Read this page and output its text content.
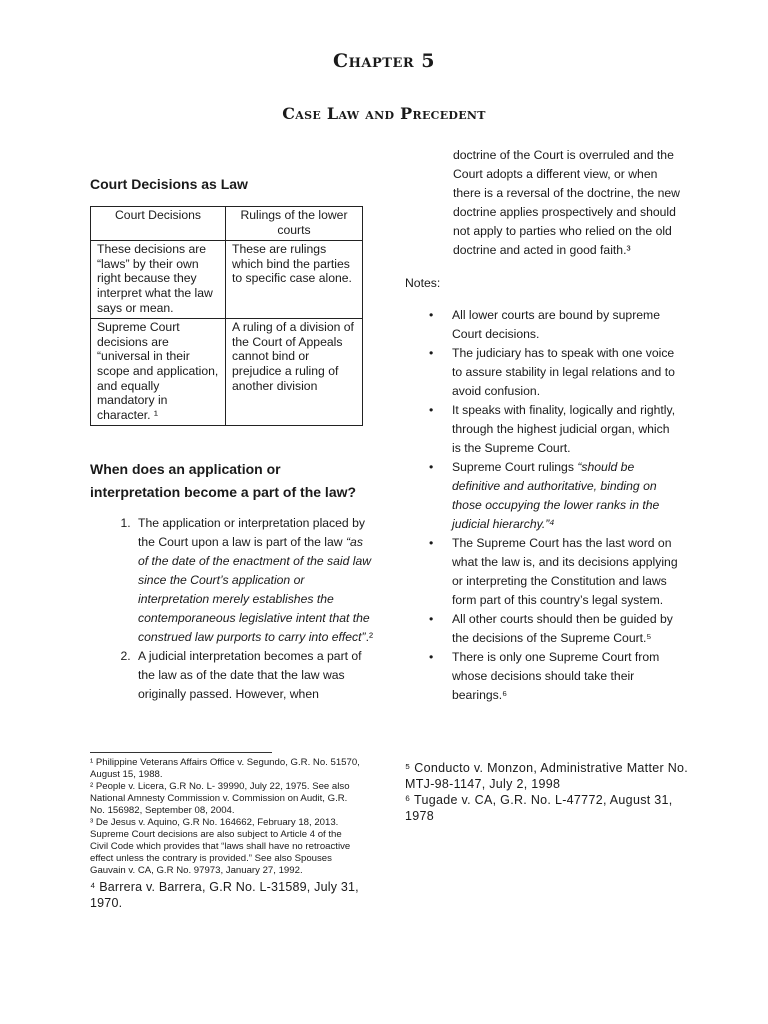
Chapter 5
Case Law and Precedent
Court Decisions as Law
Court Decisions	Rulings of the lower courts
These decisions are “laws” by their own right because they interpret what the law says or mean.	These are rulings which bind the parties to specific case alone.
Supreme Court decisions are “universal in their scope and application, and equally mandatory in character. ¹	A ruling of a division of the Court of Appeals cannot bind or prejudice a ruling of another division
When does an application or interpretation become a part of the law?
1. The application or interpretation placed by the Court upon a law is part of the law “as of the date of the enactment of the said law since the Court’s application or interpretation merely establishes the contemporaneous legislative intent that the construed law purports to carry into effect”.²
2. A judicial interpretation becomes a part of the law as of the date that the law was originally passed. However, when
doctrine of the Court is overruled and the Court adopts a different view, or when there is a reversal of the doctrine, the new doctrine applies prospectively and should not apply to parties who relied on the old doctrine and acted in good faith.³
Notes:
• All lower courts are bound by supreme Court decisions.
• The judiciary has to speak with one voice to assure stability in legal relations and to avoid confusion.
• It speaks with finality, logically and rightly, through the highest judicial organ, which is the Supreme Court.
• Supreme Court rulings “should be definitive and authoritative, binding on those occupying the lower ranks in the judicial hierarchy.”⁴
• The Supreme Court has the last word on what the law is, and its decisions applying or interpreting the Constitution and laws form part of this country’s legal system.
• All other courts should then be guided by the decisions of the Supreme Court.⁵
• There is only one Supreme Court from whose decisions should take their bearings.⁶

¹ Philippine Veterans Affairs Office v. Segundo, G.R. No. 51570, August 15, 1988.

² People v. Licera, G.R No. L- 39990, July 22, 1975. See also National Amnesty Commission v. Commission on Audit, G.R. No. 156982, September 08, 2004.

³ De Jesus v. Aquino, G.R No. 164662, February 18, 2013. Supreme Court decisions are also subject to Article 4 of the Civil Code which provides that “laws shall have no retroactive effect unless the contrary is provided.” See also Spouses Gauvain v. CA, G.R No. 97973, January 27, 1992.

⁴ Barrera v. Barrera, G.R No. L-31589, July 31, 1970.

⁵ Conducto v. Monzon, Administrative Matter No. MTJ-98-1147, July 2, 1998

⁶ Tugade v. CA, G.R. No. L-47772, August 31, 1978
